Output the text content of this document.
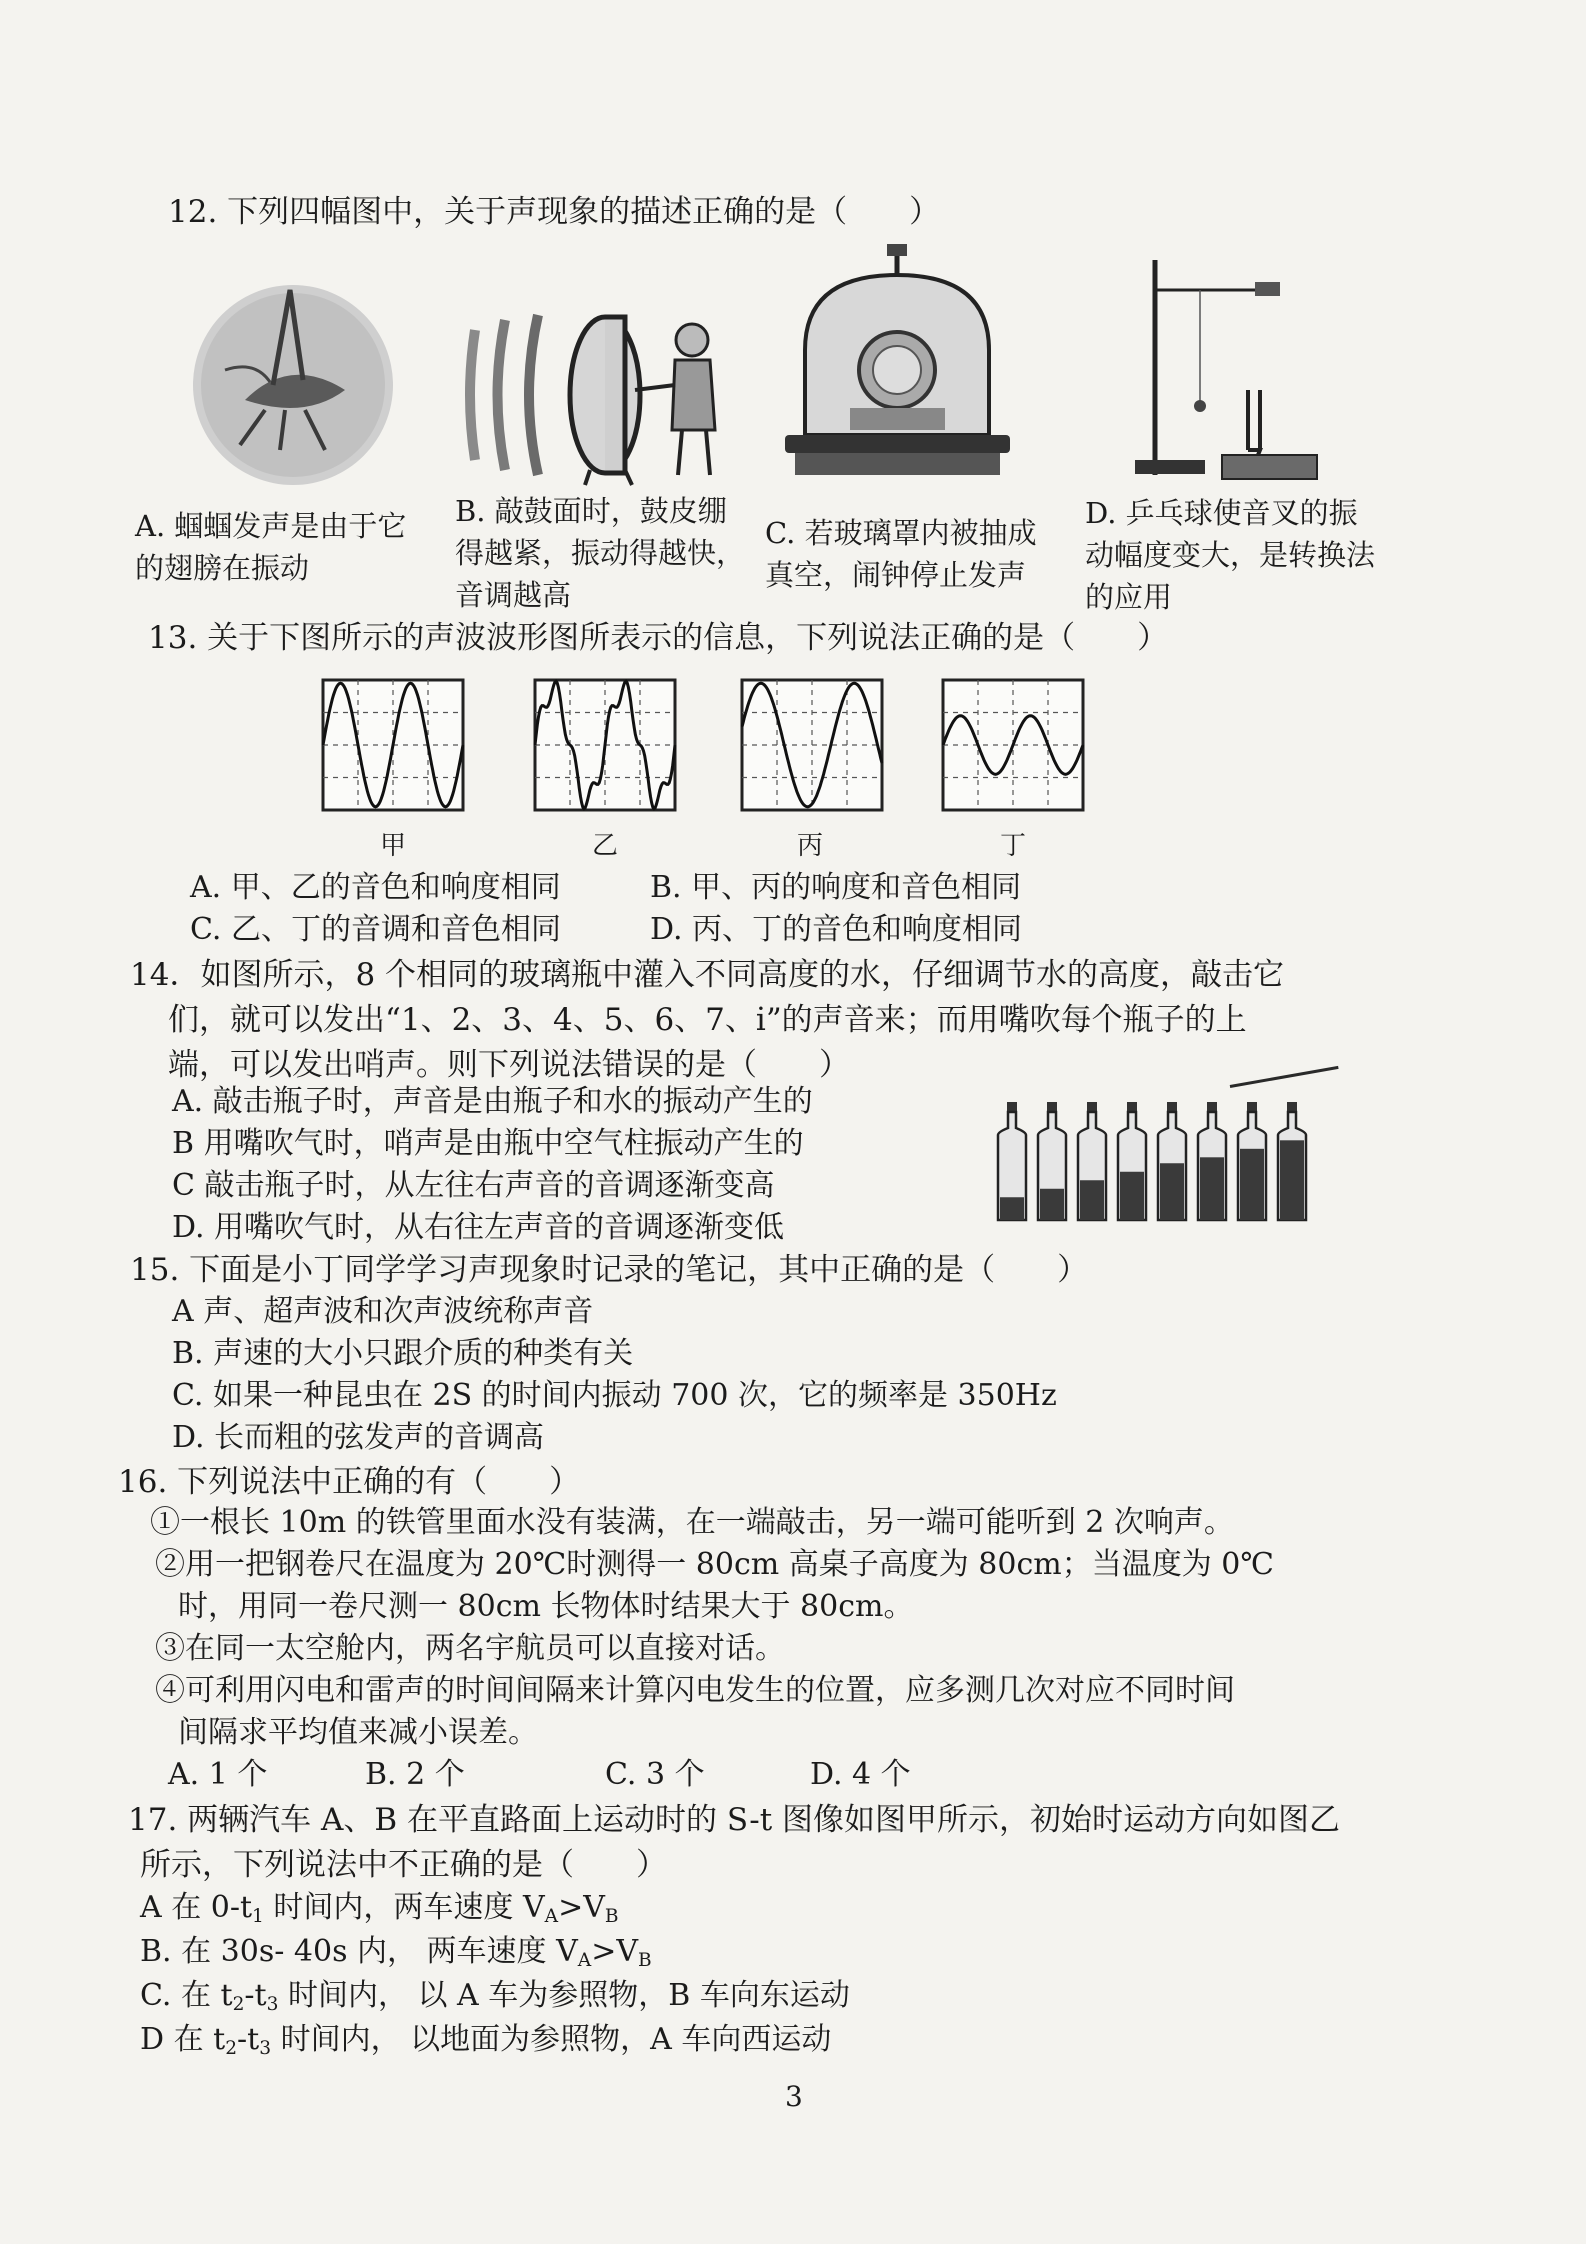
12. 下列四幅图中，关于声现象的描述正确的是（　　）
A. 蝈蝈发声是由于它的翅膀在振动
B. 敲鼓面时，鼓皮绷得越紧，振动得越快，音调越高
C. 若玻璃罩内被抽成真空，闹钟停止发声
D. 乒乓球使音叉的振动幅度变大，是转换法的应用
13. 关于下图所示的声波波形图所表示的信息，下列说法正确的是（　　）
甲	乙	丙	丁
A. 甲、乙的音色和响度相同	B. 甲、丙的响度和音色相同
C. 乙、丁的音调和音色相同	D. 丙、丁的音色和响度相同
14．如图所示，8 个相同的玻璃瓶中灌入不同高度的水，仔细调节水的高度，敲击它
们，就可以发出“1、2、3、4、5、6、7、i̇”的声音来；而用嘴吹每个瓶子的上
端，可以发出哨声。则下列说法错误的是（　　）
A. 敲击瓶子时，声音是由瓶子和水的振动产生的
B 用嘴吹气时，哨声是由瓶中空气柱振动产生的
C 敲击瓶子时，从左往右声音的音调逐渐变高
D. 用嘴吹气时，从右往左声音的音调逐渐变低
15. 下面是小丁同学学习声现象时记录的笔记，其中正确的是（　　）
A 声、超声波和次声波统称声音
B. 声速的大小只跟介质的种类有关
C. 如果一种昆虫在 2S 的时间内振动 700 次，它的频率是 350Hz
D. 长而粗的弦发声的音调高
16. 下列说法中正确的有（　　）
①一根长 10m 的铁管里面水没有装满，在一端敲击，另一端可能听到 2 次响声。
②用一把钢卷尺在温度为 20℃时测得一 80cm 高桌子高度为 80cm；当温度为 0℃
时，用同一卷尺测一 80cm 长物体时结果大于 80cm。
③在同一太空舱内，两名宇航员可以直接对话。
④可利用闪电和雷声的时间间隔来计算闪电发生的位置，应多测几次对应不同时间
间隔求平均值来减小误差。
A. 1 个	B. 2 个	C. 3 个	D. 4 个
17. 两辆汽车 A、B 在平直路面上运动时的 S-t 图像如图甲所示，初始时运动方向如图乙
所示，下列说法中不正确的是（　　）
A 在 $0-t_1$ 时间内，两车速度 $V_A>V_B$
B. 在 30s- 40s 内， 两车速度 $V_A>V_B$
C. 在 $t_2-t_3$ 时间内， 以 A 车为参照物，B 车向东运动
D 在 $t_2-t_3$ 时间内， 以地面为参照物，A 车向西运动
3
